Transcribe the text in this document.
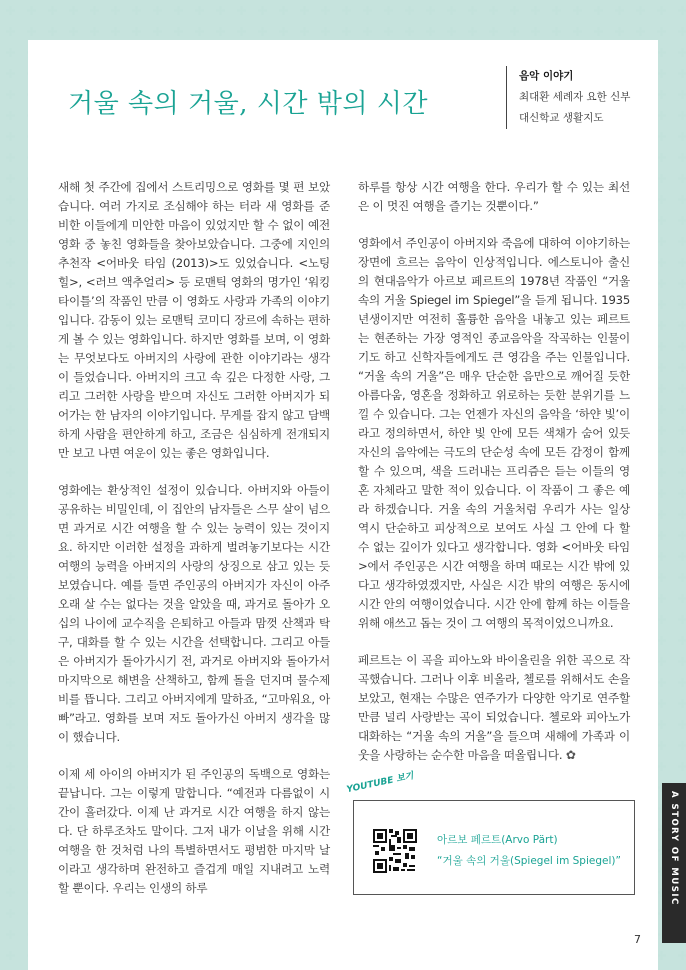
거울 속의 거울, 시간 밖의 시간
음악 이야기
최대환 세례자 요한 신부
대신학교 생활지도

새해 첫 주간에 집에서 스트리밍으로 영화를 몇 편 보았습니다. 여러 가지로 조심해야 하는 터라 새 영화를 준비한 이들에게 미안한 마음이 있었지만 할 수 없이 예전 영화 중 놓친 영화들을 찾아보았습니다. 그중에 지인의 추천작 <어바웃 타임 (2013)>도 있었습니다. <노팅힐>, <러브 액추얼리> 등 로맨틱 영화의 명가인 ‘워킹 타이틀’의 작품인 만큼 이 영화도 사랑과 가족의 이야기입니다. 감동이 있는 로맨틱 코미디 장르에 속하는 편하게 볼 수 있는 영화입니다. 하지만 영화를 보며, 이 영화는 무엇보다도 아버지의 사랑에 관한 이야기라는 생각이 들었습니다. 아버지의 크고 속 깊은 다정한 사랑, 그리고 그러한 사랑을 받으며 자신도 그러한 아버지가 되어가는 한 남자의 이야기입니다. 무게를 잡지 않고 담백하게 사람을 편안하게 하고, 조금은 심심하게 전개되지만 보고 나면 여운이 있는 좋은 영화입니다.

영화에는 환상적인 설정이 있습니다. 아버지와 아들이 공유하는 비밀인데, 이 집안의 남자들은 스무 살이 넘으면 과거로 시간 여행을 할 수 있는 능력이 있는 것이지요. 하지만 이러한 설정을 과하게 벌려놓기보다는 시간 여행의 능력을 아버지의 사랑의 상징으로 삼고 있는 듯 보였습니다. 예를 들면 주인공의 아버지가 자신이 아주 오래 살 수는 없다는 것을 알았을 때, 과거로 돌아가 오십의 나이에 교수직을 은퇴하고 아들과 맘껏 산책과 탁구, 대화를 할 수 있는 시간을 선택합니다. 그리고 아들은 아버지가 돌아가시기 전, 과거로 아버지와 돌아가서 마지막으로 해변을 산책하고, 함께 돌을 던지며 물수제비를 뜹니다. 그리고 아버지에게 말하죠, “고마워요, 아빠”라고. 영화를 보며 저도 돌아가신 아버지 생각을 많이 했습니다.

이제 세 아이의 아버지가 된 주인공의 독백으로 영화는 끝납니다. 그는 이렇게 말합니다. “예전과 다름없이 시간이 흘러갔다. 이제 난 과거로 시간 여행을 하지 않는다. 단 하루조차도 말이다. 그저 내가 이날을 위해 시간 여행을 한 것처럼 나의 특별하면서도 평범한 마지막 날이라고 생각하며 완전하고 즐겁게 매일 지내려고 노력할 뿐이다. 우리는 인생의 하루

하루를 항상 시간 여행을 한다. 우리가 할 수 있는 최선은 이 멋진 여행을 즐기는 것뿐이다.”

영화에서 주인공이 아버지와 죽음에 대하여 이야기하는 장면에 흐르는 음악이 인상적입니다. 에스토니아 출신의 현대음악가 아르보 페르트의 1978년 작품인 “거울 속의 거울 Spiegel im Spiegel”을 듣게 됩니다. 1935년생이지만 여전히 훌륭한 음악을 내놓고 있는 페르트는 현존하는 가장 영적인 종교음악을 작곡하는 인물이기도 하고 신학자들에게도 큰 영감을 주는 인물입니다. “거울 속의 거울”은 매우 단순한 음만으로 깨어질 듯한 아름다움, 영혼을 정화하고 위로하는 듯한 분위기를 느낄 수 있습니다. 그는 언젠가 자신의 음악을 ‘하얀 빛’이라고 정의하면서, 하얀 빛 안에 모든 색채가 숨어 있듯 자신의 음악에는 극도의 단순성 속에 모든 감정이 함께 할 수 있으며, 색을 드러내는 프리즘은 듣는 이들의 영혼 자체라고 말한 적이 있습니다. 이 작품이 그 좋은 예라 하겠습니다. 거울 속의 거울처럼 우리가 사는 일상 역시 단순하고 피상적으로 보여도 사실 그 안에 다 할 수 없는 깊이가 있다고 생각합니다. 영화 <어바웃 타임>에서 주인공은 시간 여행을 하며 때로는 시간 밖에 있다고 생각하였겠지만, 사실은 시간 밖의 여행은 동시에 시간 안의 여행이었습니다. 시간 안에 함께 하는 이들을 위해 애쓰고 돕는 것이 그 여행의 목적이었으니까요.

페르트는 이 곡을 피아노와 바이올린을 위한 곡으로 작곡했습니다. 그러나 이후 비올라, 첼로를 위해서도 손을 보았고, 현재는 수많은 연주가가 다양한 악기로 연주할 만큼 널리 사랑받는 곡이 되었습니다. 첼로와 피아노가 대화하는 “거울 속의 거울”을 들으며 새해에 가족과 이웃을 사랑하는 순수한 마음을 떠올립니다. ✿

YOUTUBE 보기
아르보 페르트(Arvo Pärt)
“거울 속의 거울(Spiegel im Spiegel)”	A STORY OF MUSIC
7
